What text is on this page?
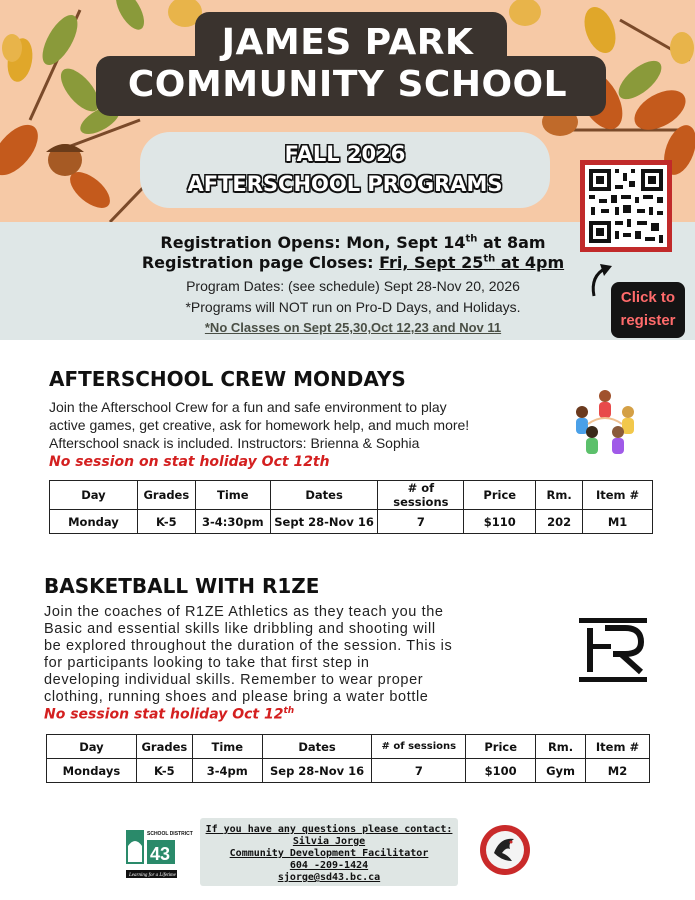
JAMES PARK
COMMUNITY SCHOOL
FALL 2026
AFTERSCHOOL PROGRAMS
Registration Opens: Mon, Sept 14th at 8am
Registration page Closes: Fri, Sept 25th at 4pm
Program Dates: (see schedule) Sept 28-Nov 20, 2026
*Programs will NOT run on Pro-D Days, and Holidays.
*No Classes on Sept 25,30,Oct 12,23 and Nov 11
Click to
register
AFTERSCHOOL CREW MONDAYS
Join the Afterschool Crew for a fun and safe environment to play
active games, get creative, ask for homework help, and much more!
Afterschool snack is included. Instructors: Brienna & Sophia
No session on stat holiday Oct 12th
Day	Grades	Time	Dates	# of sessions	Price	Rm.	Item #
Monday	K-5	3-4:30pm	Sept 28-Nov 16	7	$110	202	M1
BASKETBALL WITH R1ZE
Join the coaches of R1ZE Athletics as they teach you the
Basic and essential skills like dribbling and shooting will
be explored throughout the duration of the session. This is
for participants looking to take that first step in
developing individual skills. Remember to wear proper
clothing, running shoes and please bring a water bottle
No session stat holiday Oct 12th
Day	Grades	Time	Dates	# of sessions	Price	Rm.	Item #
Mondays	K-5	3-4pm	Sep 28-Nov 16	7	$100	Gym	M2
SCHOOL DISTRICT
43
Learning for a Lifetime
If you have any questions please contact:
Silvia Jorge
Community Development Facilitator
604 -209-1424
sjorge@sd43.bc.ca
